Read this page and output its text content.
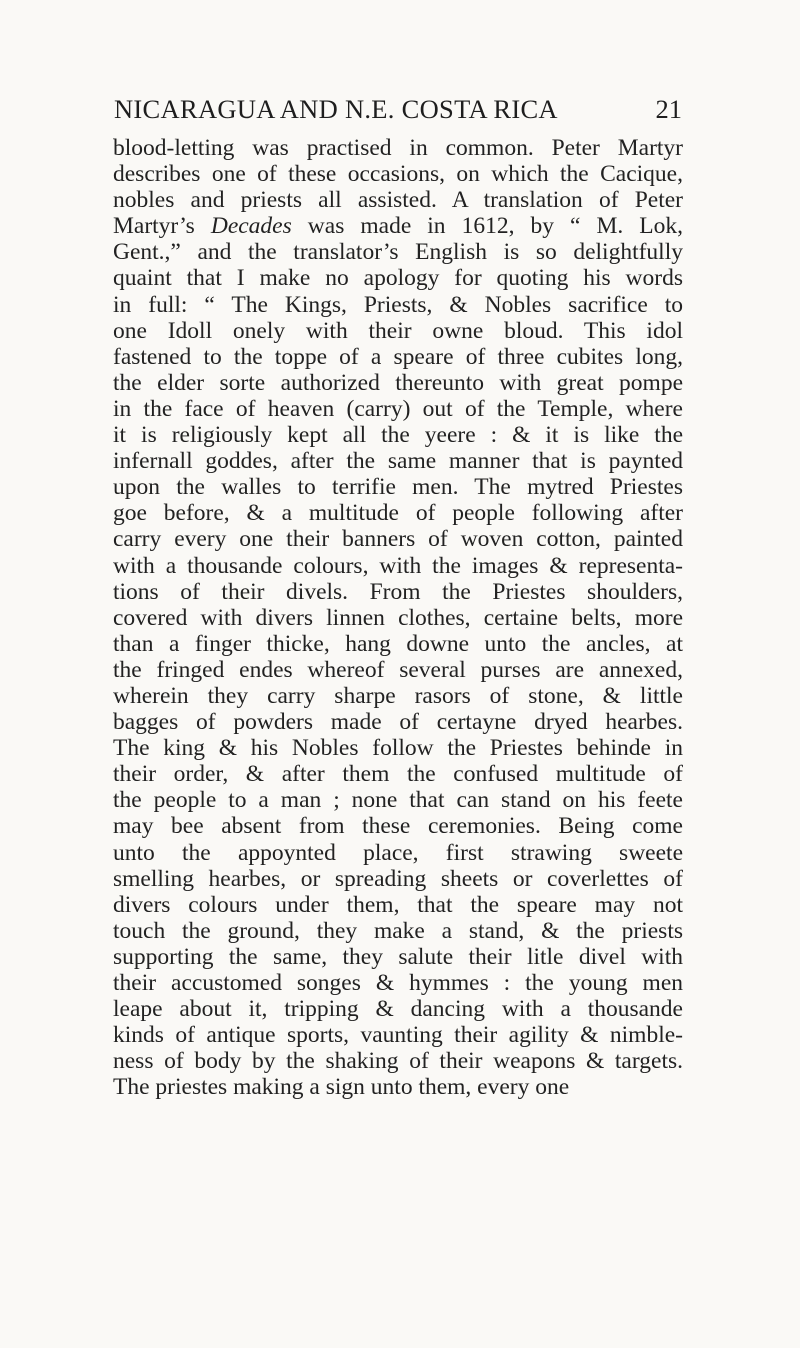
NICARAGUA AND N.E. COSTA RICA	21
blood-letting was practised in common. Peter Martyr
describes one of these occasions, on which the Cacique,
nobles and priests all assisted. A translation of Peter
Martyr’s Decades was made in 1612, by “ M. Lok,
Gent.,” and the translator’s English is so delightfully
quaint that I make no apology for quoting his words
in full: “ The Kings, Priests, & Nobles sacrifice to
one Idoll onely with their owne bloud. This idol
fastened to the toppe of a speare of three cubites long,
the elder sorte authorized thereunto with great pompe
in the face of heaven (carry) out of the Temple, where
it is religiously kept all the yeere : & it is like the
infernall goddes, after the same manner that is paynted
upon the walles to terrifie men. The mytred Priestes
goe before, & a multitude of people following after
carry every one their banners of woven cotton, painted
with a thousande colours, with the images & representa-
tions of their divels. From the Priestes shoulders,
covered with divers linnen clothes, certaine belts, more
than a finger thicke, hang downe unto the ancles, at
the fringed endes whereof several purses are annexed,
wherein they carry sharpe rasors of stone, & little
bagges of powders made of certayne dryed hearbes.
The king & his Nobles follow the Priestes behinde in
their order, & after them the confused multitude of
the people to a man ; none that can stand on his feete
may bee absent from these ceremonies. Being come
unto the appoynted place, first strawing sweete
smelling hearbes, or spreading sheets or coverlettes of
divers colours under them, that the speare may not
touch the ground, they make a stand, & the priests
supporting the same, they salute their litle divel with
their accustomed songes & hymmes : the young men
leape about it, tripping & dancing with a thousande
kinds of antique sports, vaunting their agility & nimble-
ness of body by the shaking of their weapons & targets.
The priestes making a sign unto them, every one
